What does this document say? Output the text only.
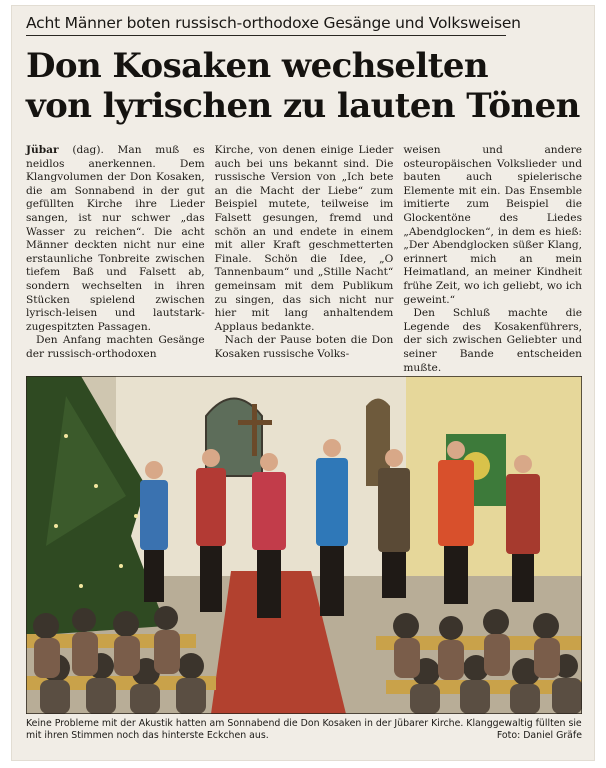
Acht Männer boten russisch-orthodoxe Gesänge und Volksweisen
Don Kosaken wechselten
von lyrischen zu lauten Tönen

Jübar (dag). Man muß es neidlos anerkennen. Dem Klangvolumen der Don Kosaken, die am Sonnabend in der gut gefüllten Kirche ihre Lieder sangen, ist nur schwer „das Wasser zu reichen“. Die acht Männer deckten nicht nur eine erstaunliche Tonbreite zwischen tiefem Baß und Falsett ab, sondern wechselten in ihren Stücken spielend zwischen lyrisch-leisen und lautstark-zugespitzten Passagen.

Den Anfang machten Gesänge der russisch-orthodoxen

Kirche, von denen einige Lieder auch bei uns bekannt sind. Die russische Version von „Ich bete an die Macht der Liebe“ zum Beispiel mutete, teilweise im Falsett gesungen, fremd und schön an und endete in einem mit aller Kraft geschmetterten Finale. Schön die Idee, „O Tannenbaum“ und „Stille Nacht“ gemeinsam mit dem Publikum zu singen, das sich nicht nur hier mit lang anhaltendem Applaus bedankte.

Nach der Pause boten die Don Kosaken russische Volks-

weisen und andere osteuropäischen Volkslieder und bauten auch spielerische Elemente mit ein. Das Ensemble imitierte zum Beispiel die Glockentöne des Liedes „Abendglocken“, in dem es hieß: „Der Abendglocken süßer Klang, erinnert mich an mein Heimatland, an meiner Kindheit frühe Zeit, wo ich geliebt, wo ich geweint.“

Den Schluß machte die Legende des Kosakenführers, der sich zwischen Geliebter und seiner Bande entscheiden mußte.

Keine Probleme mit der Akustik hatten am Sonnabend die Don Kosaken in der Jübarer Kirche. Klanggewaltig füllten sie mit ihren Stimmen noch das hinterste Eckchen aus.	Foto: Daniel Gräfe
